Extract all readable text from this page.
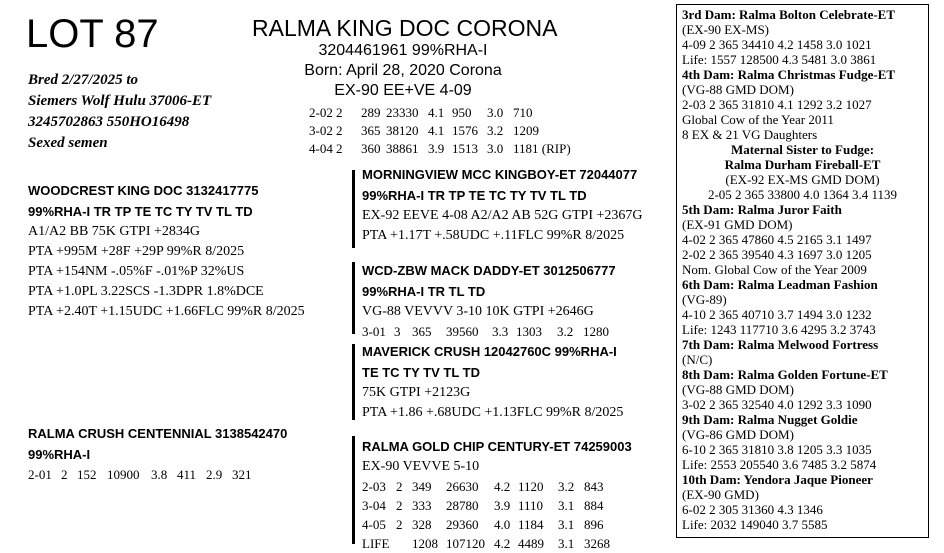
LOT 87
Bred 2/27/2025 to
Siemers Wolf Hulu 37006-ET
3245702863 550HO16498
Sexed semen
RALMA KING DOC CORONA
3204461961 99%RHA-I
Born: April 28, 2020 Corona
EX-90 EE+VE 4-09
2-02 2 289 23330 4.1 950 3.0 710
3-02 2 365 38120 4.1 1576 3.2 1209
4-04 2 360 38861 3.9 1513 3.0 1181 (RIP)
WOODCREST KING DOC 3132417775
99%RHA-I TR TP TE TC TY TV TL TD
A1/A2 BB 75K GTPI +2834G
PTA +995M +28F +29P 99%R 8/2025
PTA +154NM -.05%F -.01%P 32%US
PTA +1.0PL 3.22SCS -1.3DPR 1.8%DCE
PTA +2.40T +1.15UDC +1.66FLC 99%R 8/2025
MORNINGVIEW MCC KINGBOY-ET 72044077
99%RHA-I TR TP TE TC TY TV TL TD
EX-92 EEVE 4-08 A2/A2 AB 52G GTPI +2367G
PTA +1.17T +.58UDC +.11FLC 99%R 8/2025
WCD-ZBW MACK DADDY-ET 3012506777
99%RHA-I TR TL TD
VG-88 VEVVV 3-10 10K GTPI +2646G
3-01 3 365 39560 3.3 1303 3.2 1280
MAVERICK CRUSH 12042760C 99%RHA-I
TE TC TY TV TL TD
75K GTPI +2123G
PTA +1.86 +.68UDC +1.13FLC 99%R 8/2025
RALMA CRUSH CENTENNIAL 3138542470
99%RHA-I
2-01 2 152 10900 3.8 411 2.9 321
RALMA GOLD CHIP CENTURY-ET 74259003
EX-90 VEVVE 5-10
2-03 2 349 26630 4.2 1120 3.2 843
3-04 2 333 28780 3.9 1110 3.1 884
4-05 2 328 29360 4.0 1184 3.1 896
LIFE 1208 107120 4.2 4489 3.1 3268
3rd Dam: Ralma Bolton Celebrate-ET
(EX-90 EX-MS)
4-09 2 365 34410 4.2 1458 3.0 1021
Life: 1557 128500 4.3 5481 3.0 3861
4th Dam: Ralma Christmas Fudge-ET
(VG-88 GMD DOM)
2-03 2 365 31810 4.1 1292 3.2 1027
Global Cow of the Year 2011
8 EX & 21 VG Daughters
Maternal Sister to Fudge:
Ralma Durham Fireball-ET
(EX-92 EX-MS GMD DOM)
2-05 2 365 33800 4.0 1364 3.4 1139
5th Dam: Ralma Juror Faith
(EX-91 GMD DOM)
4-02 2 365 47860 4.5 2165 3.1 1497
2-02 2 365 39540 4.3 1697 3.0 1205
Nom. Global Cow of the Year 2009
6th Dam: Ralma Leadman Fashion
(VG-89)
4-10 2 365 40710 3.7 1494 3.0 1232
Life: 1243 117710 3.6 4295 3.2 3743
7th Dam: Ralma Melwood Fortress
(N/C)
8th Dam: Ralma Golden Fortune-ET
(VG-88 GMD DOM)
3-02 2 365 32540 4.0 1292 3.3 1090
9th Dam: Ralma Nugget Goldie
(VG-86 GMD DOM)
6-10 2 365 31810 3.8 1205 3.3 1035
Life: 2553 205540 3.6 7485 3.2 5874
10th Dam: Yendora Jaque Pioneer
(EX-90 GMD)
6-02 2 305 31360 4.3 1346
Life: 2032 149040 3.7 5585
